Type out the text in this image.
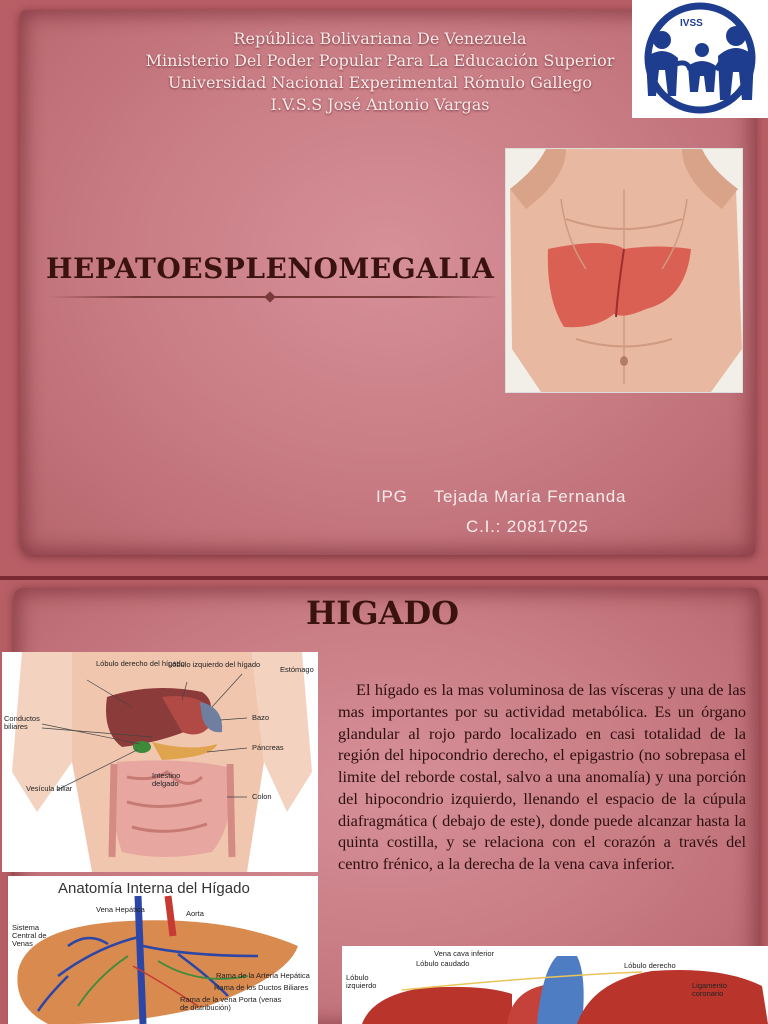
República Bolivariana De Venezuela
Ministerio Del Poder Popular Para La Educación Superior
Universidad Nacional Experimental Rómulo Gallego
I.V.S.S José Antonio Vargas
IVSS
HEPATOESPLENOMEGALIA
IPG Tejada María Fernanda
C.I.: 20817025
HIGADO

El hígado es la mas voluminosa de las vísceras y una de las mas importantes por su actividad metabólica. Es un órgano glandular al rojo pardo localizado en casi totalidad de la región del hipocondrio derecho, el epigastrio (no sobrepasa el limite del reborde costal, salvo a una anomalía) y una porción del hipocondrio izquierdo, llenando el espacio de la cúpula diafragmática ( debajo de este), donde puede alcanzar hasta la quinta costilla, y se relaciona con el corazón a través del centro frénico, a la derecha de la vena cava inferior.

Lóbulo derecho del hígado
Lóbulo izquierdo del hígado
Estómago
Conductos biliares
Bazo
Páncreas
Vesícula biliar
Intestino delgado
Colon
Vena Hepática	Aorta
Sistema Central de Venas
Rama de la Arteria Hepática
Rama de los Ductos Biliares
Rama de la vena Porta (venas de distribución)
Anatomía Interna del Hígado
Vena cava inferior
Lóbulo caudado	Lóbulo derecho
Lóbulo izquierdo	Ligamento coronario
